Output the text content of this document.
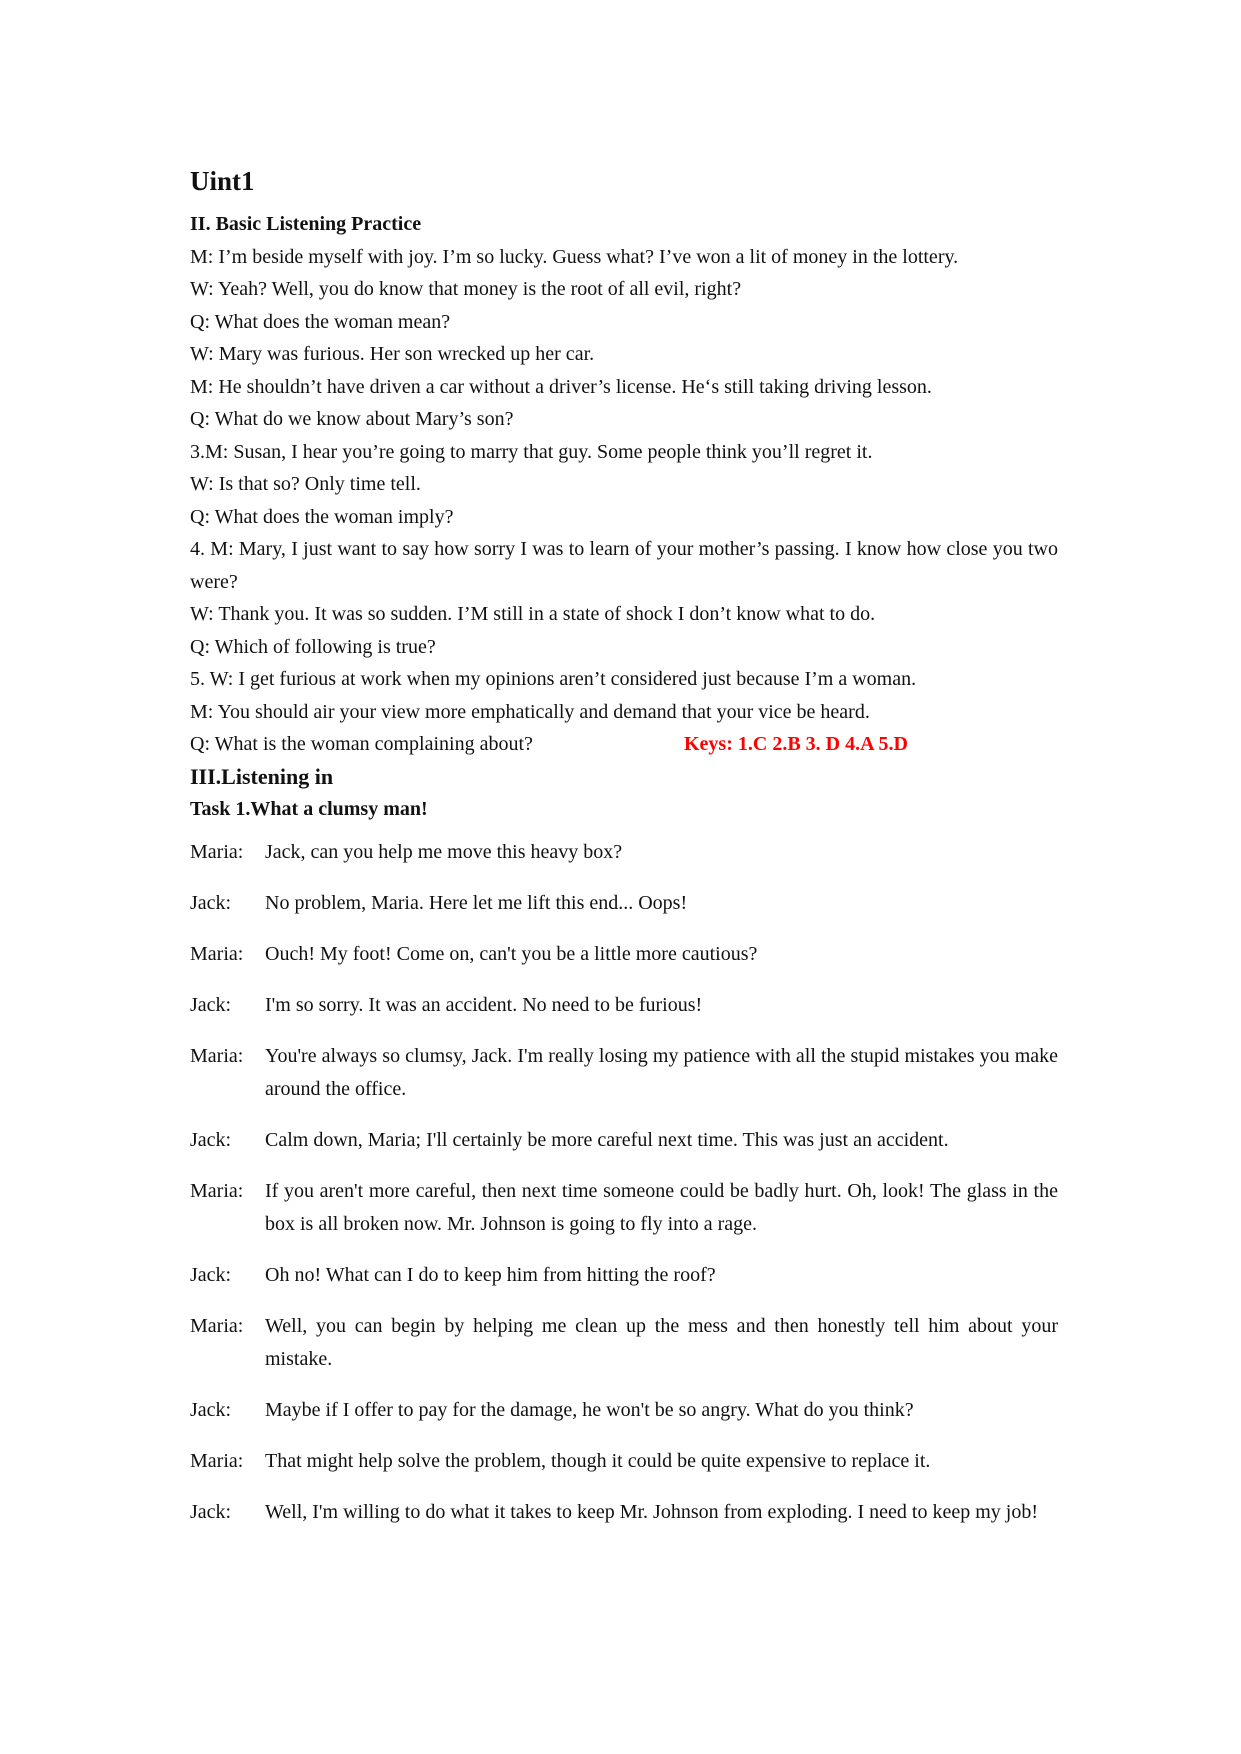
Uint1
II. Basic Listening Practice
M: I’m beside myself with joy. I’m so lucky. Guess what? I’ve won a lit of money in the lottery.
W: Yeah? Well, you do know that money is the root of all evil, right?
Q: What does the woman mean?
W: Mary was furious. Her son wrecked up her car.
M: He shouldn’t have driven a car without a driver’s license. He‘s still taking driving lesson.
Q: What do we know about Mary’s son?
3.M: Susan, I hear you’re going to marry that guy. Some people think you’ll regret it.
W: Is that so? Only time tell.
Q: What does the woman imply?
4. M: Mary, I just want to say how sorry I was to learn of your mother’s passing. I know how close you two were?
W: Thank you. It was so sudden. I’M still in a state of shock I don’t know what to do.
Q: Which of following is true?
5. W: I get furious at work when my opinions aren’t considered just because I’m a woman.
M: You should air your view more emphatically and demand that your vice be heard.
Q: What is the woman complaining about?	Keys: 1.C 2.B 3. D 4.A 5.D
III.Listening in
Task 1.What a clumsy man!
Maria:	Jack, can you help me move this heavy box?
Jack:	No problem, Maria. Here let me lift this end... Oops!
Maria:	Ouch! My foot! Come on, can't you be a little more cautious?
Jack:	I'm so sorry. It was an accident. No need to be furious!
Maria:	You're always so clumsy, Jack. I'm really losing my patience with all the stupid mistakes you make around the office.
Jack:	Calm down, Maria; I'll certainly be more careful next time. This was just an accident.
Maria:	If you aren't more careful, then next time someone could be badly hurt. Oh, look! The glass in the box is all broken now. Mr. Johnson is going to fly into a rage.
Jack:	Oh no! What can I do to keep him from hitting the roof?
Maria:	Well, you can begin by helping me clean up the mess and then honestly tell him about your mistake.
Jack:	Maybe if I offer to pay for the damage, he won't be so angry. What do you think?
Maria:	That might help solve the problem, though it could be quite expensive to replace it.
Jack:	Well, I'm willing to do what it takes to keep Mr. Johnson from exploding. I need to keep my job!
